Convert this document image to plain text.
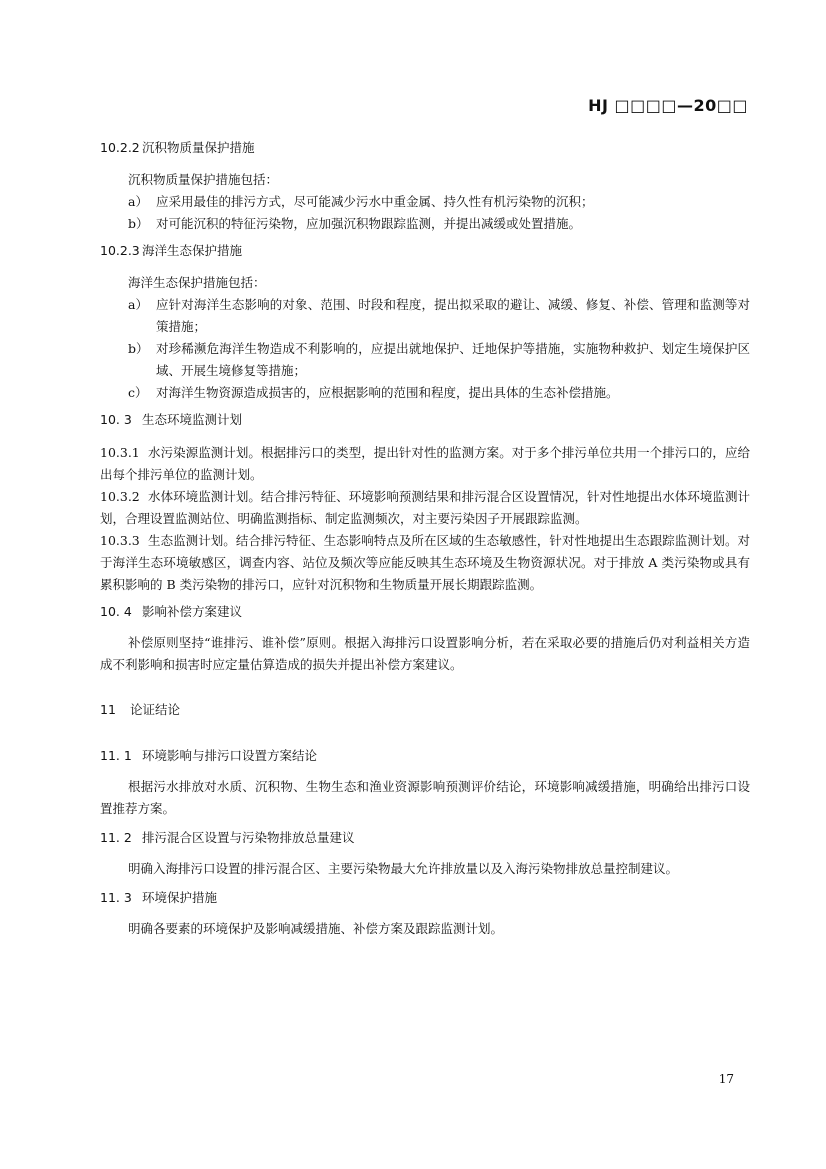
HJ □□□□—20□□
10.2.2 沉积物质量保护措施
沉积物质量保护措施包括：
a） 应采用最佳的排污方式，尽可能减少污水中重金属、持久性有机污染物的沉积；
b） 对可能沉积的特征污染物，应加强沉积物跟踪监测，并提出减缓或处置措施。
10.2.3 海洋生态保护措施
海洋生态保护措施包括：
a） 应针对海洋生态影响的对象、范围、时段和程度，提出拟采取的避让、减缓、修复、补偿、管理和监测等对策措施；
b） 对珍稀濒危海洋生物造成不利影响的，应提出就地保护、迁地保护等措施，实施物种救护、划定生境保护区域、开展生境修复等措施；
c） 对海洋生物资源造成损害的，应根据影响的范围和程度，提出具体的生态补偿措施。
10. 3 生态环境监测计划
10.3.1 水污染源监测计划。根据排污口的类型，提出针对性的监测方案。对于多个排污单位共用一个排污口的，应给出每个排污单位的监测计划。
10.3.2 水体环境监测计划。结合排污特征、环境影响预测结果和排污混合区设置情况，针对性地提出水体环境监测计划，合理设置监测站位、明确监测指标、制定监测频次，对主要污染因子开展跟踪监测。
10.3.3 生态监测计划。结合排污特征、生态影响特点及所在区域的生态敏感性，针对性地提出生态跟踪监测计划。对于海洋生态环境敏感区，调查内容、站位及频次等应能反映其生态环境及生物资源状况。对于排放 A 类污染物或具有累积影响的 B 类污染物的排污口，应针对沉积物和生物质量开展长期跟踪监测。
10. 4 影响补偿方案建议
补偿原则坚持“谁排污、谁补偿”原则。根据入海排污口设置影响分析，若在采取必要的措施后仍对利益相关方造成不利影响和损害时应定量估算造成的损失并提出补偿方案建议。
11 论证结论
11. 1 环境影响与排污口设置方案结论
根据污水排放对水质、沉积物、生物生态和渔业资源影响预测评价结论，环境影响减缓措施，明确给出排污口设置推荐方案。
11. 2 排污混合区设置与污染物排放总量建议
明确入海排污口设置的排污混合区、主要污染物最大允许排放量以及入海污染物排放总量控制建议。
11. 3 环境保护措施
明确各要素的环境保护及影响减缓措施、补偿方案及跟踪监测计划。
17
